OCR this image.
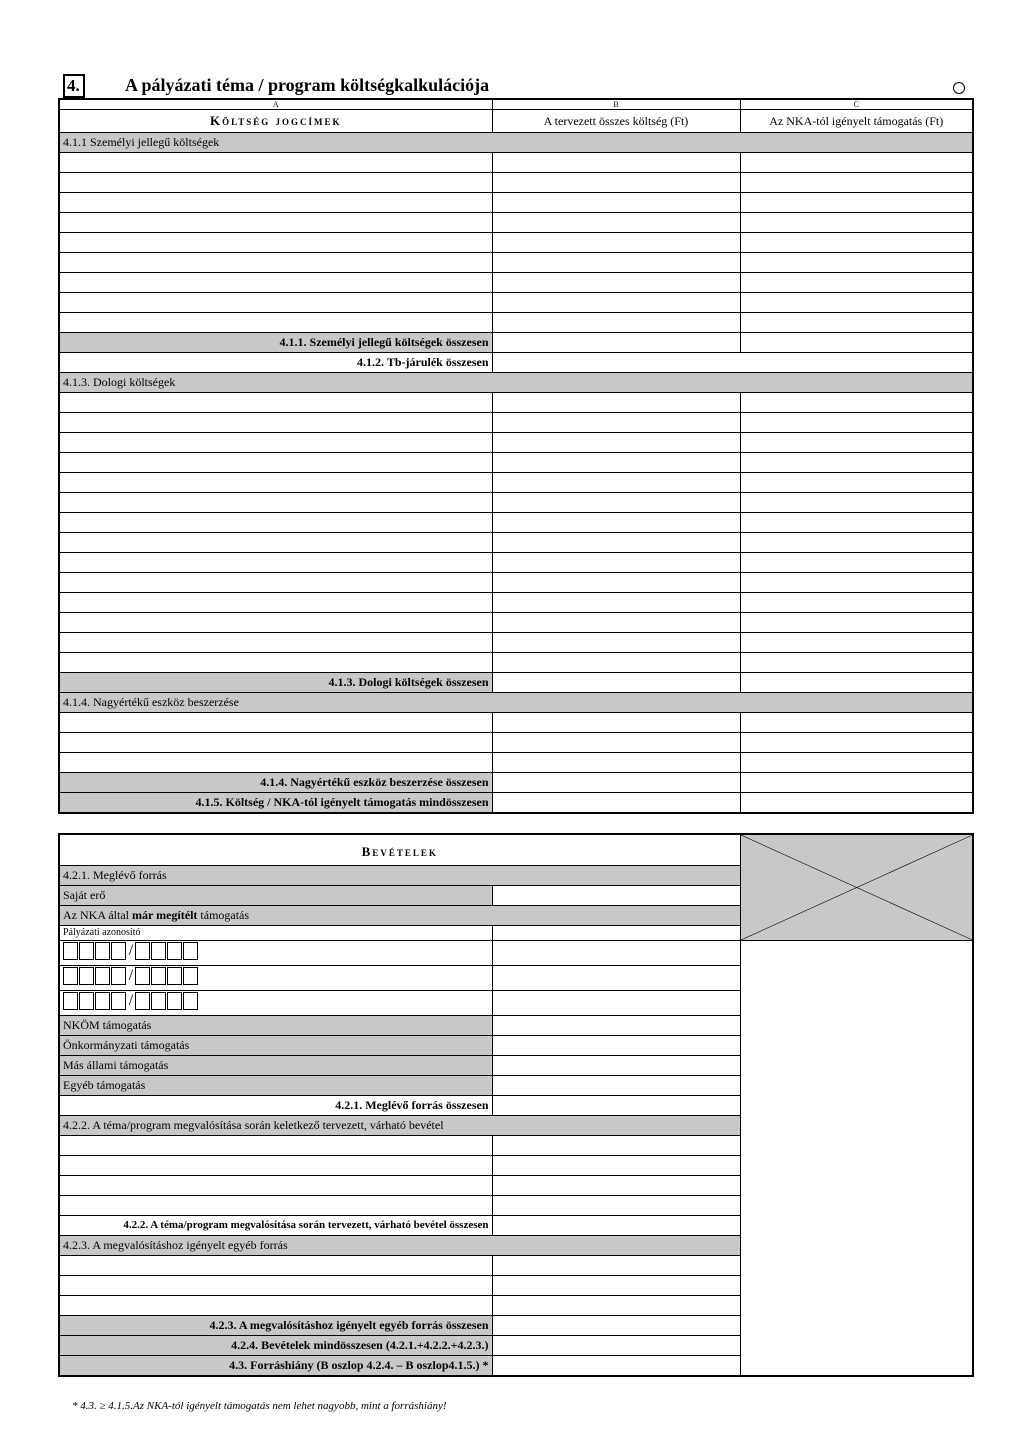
4.	A pályázati téma / program költségkalkulációja
A	B	C
Költség jogcímek	A tervezett összes költség (Ft)	Az NKA-tól igényelt támogatás (Ft)
4.1.1 Személyi jellegű költségek		

4.1.1. Személyi jellegű költségek összesen		
4.1.2. Tb-járulék összesen		
4.1.3. Dologi költségek		

4.1.3. Dologi költségek összesen		
4.1.4. Nagyértékű eszköz beszerzése		

4.1.4. Nagyértékű eszköz beszerzése összesen		
4.1.5. Költség / NKA-tól igényelt támogatás mindösszesen		
Bevételek	

4.2.1. Meglévő forrás		
Saját erő		
Az NKA által már megítélt támogatás		
Pályázati azonosító		

/		

/		

/		

NKÖM támogatás		
Önkormányzati támogatás		
Más állami támogatás		
Egyéb támogatás		
4.2.1. Meglévő forrás összesen		
4.2.2. A téma/program megvalósítása során keletkező tervezett, várható bevétel		

4.2.2. A téma/program megvalósítása során tervezett, várható bevétel összesen		
4.2.3. A megvalósításhoz igényelt egyéb forrás		

4.2.3. A megvalósításhoz igényelt egyéb forrás összesen		
4.2.4. Bevételek mindösszesen (4.2.1.+4.2.2.+4.2.3.)		
4.3. Forráshiány (B oszlop 4.2.4. – B oszlop4.1.5.) *		
* 4.3. ≥ 4.1.5.Az NKA-tól igényelt támogatás nem lehet nagyobb, mint a forráshiány!
